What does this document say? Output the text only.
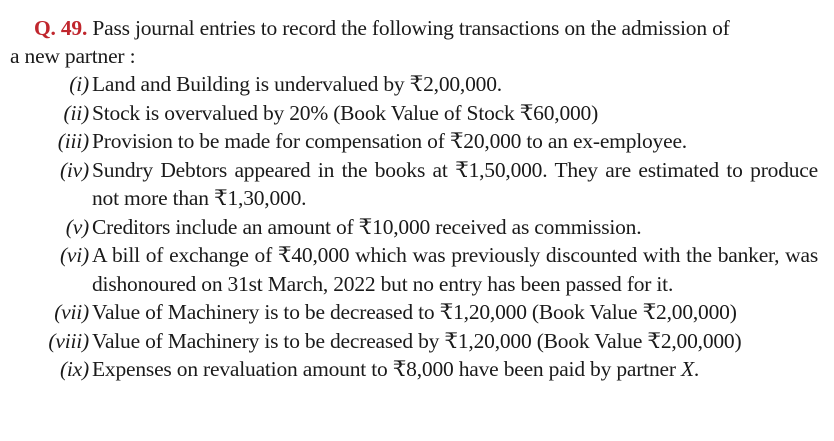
Q. 49. Pass journal entries to record the following transactions on the admission of
a new partner :
(i) Land and Building is undervalued by ₹2,00,000.
(ii) Stock is overvalued by 20% (Book Value of Stock ₹60,000)
(iii) Provision to be made for compensation of ₹20,000 to an ex-employee.
(iv) Sundry Debtors appeared in the books at ₹1,50,000. They are estimated to produce not more than ₹1,30,000.
(v) Creditors include an amount of ₹10,000 received as commission.
(vi) A bill of exchange of ₹40,000 which was previously discounted with the banker, was dishonoured on 31st March, 2022 but no entry has been passed for it.
(vii) Value of Machinery is to be decreased to ₹1,20,000 (Book Value ₹2,00,000)
(viii) Value of Machinery is to be decreased by ₹1,20,000 (Book Value ₹2,00,000)
(ix) Expenses on revaluation amount to ₹8,000 have been paid by partner X.
